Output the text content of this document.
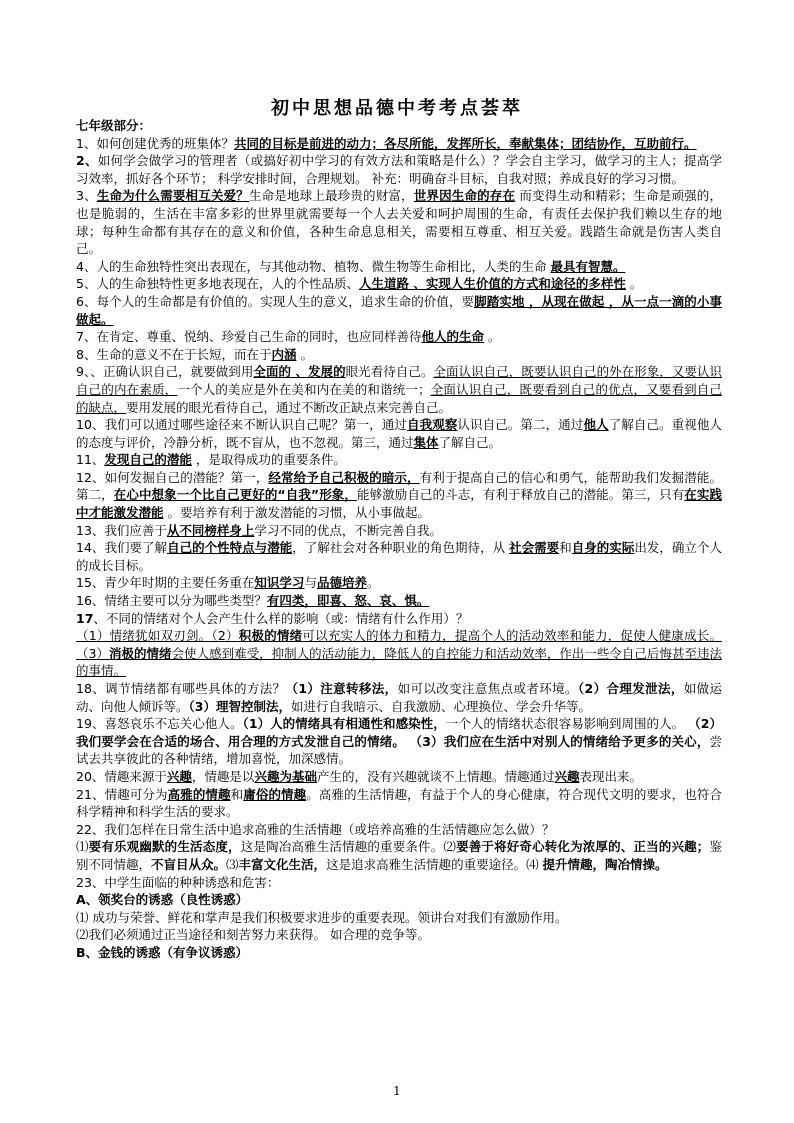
初中思想品德中考考点荟萃

七年级部分：

1、如何创建优秀的班集体？共同的目标是前进的动力；各尽所能，发挥所长，奉献集体；团结协作，互助前行。

2、如何学会做学习的管理者（或搞好初中学习的有效方法和策略是什么）？学会自主学习，做学习的主人；提高学习效率，抓好各个环节； 科学安排时间，合理规划。 补充：明确奋斗目标，自我对照；养成良好的学习习惯。

3、生命为什么需要相互关爱？生命是地球上最珍贵的财富，世界因生命的存在 而变得生动和精彩；生命是顽强的，也是脆弱的，生活在丰富多彩的世界里就需要每一个人去关爱和呵护周围的生命，有责任去保护我们赖以生存的地球；每种生命都有其存在的意义和价值，各种生命息息相关，需要相互尊重、相互关爱。践踏生命就是伤害人类自己。

4、人的生命独特性突出表现在，与其他动物、植物、微生物等生命相比，人类的生命 最具有智慧。

5、人的生命独特性更多地表现在，人的个性品质、人生道路 、实现人生价值的方式和途径的多样性 。

6、每个人的生命都是有价值的。实现人生的意义，追求生命的价值，要脚踏实地 ，从现在做起 ，从一点一滴的小事做起。

7、在肯定、尊重、悦纳、珍爱自己生命的同时，也应同样善待他人的生命 。

8、生命的意义不在于长短，而在于内涵 。

9、、正确认识自己，就要做到用全面的 、发展的眼光看待自己。全面认识自己，既要认识自己的外在形象，又要认识自己的内在素质，一个人的美应是外在美和内在美的和谐统一；全面认识自己，既要看到自己的优点，又要看到自己的缺点，要用发展的眼光看待自己，通过不断改正缺点来完善自己。

10、我们可以通过哪些途径来不断认识自己呢？第一，通过自我观察认识自己。第二，通过他人了解自己。重视他人的态度与评价，冷静分析，既不盲从，也不忽视。第三，通过集体了解自己。

11、发现自己的潜能 ，是取得成功的重要条件。

12、如何发掘自己的潜能？第一，经常给予自己积极的暗示，有利于提高自己的信心和勇气，能帮助我们发掘潜能。第二，在心中想象一个比自己更好的“自我”形象，能够激励自己的斗志，有利于释放自己的潜能。第三，只有在实践中才能激发潜能 。要培养有利于激发潜能的习惯，从小事做起。

13、我们应善于从不同榜样身上学习不同的优点，不断完善自我。

14、我们要了解自己的个性特点与潜能，了解社会对各种职业的角色期待，从 社会需要和自身的实际出发，确立个人的成长目标。

15、青少年时期的主要任务重在知识学习与品德培养。

16、情绪主要可以分为哪些类型？有四类，即喜、怒、哀、惧。

17、不同的情绪对个人会产生什么样的影响（或：情绪有什么作用）？

（1）情绪犹如双刃剑。（2）积极的情绪可以充实人的体力和精力，提高个人的活动效率和能力，促使人健康成长。（3）消极的情绪会使人感到难受，抑制人的活动能力，降低人的自控能力和活动效率，作出一些令自己后悔甚至违法的事情。

18、调节情绪都有哪些具体的方法？（1）注意转移法，如可以改变注意焦点或者环境。（2）合理发泄法，如做运动、向他人倾诉等。（3）理智控制法，如进行自我暗示、自我激励、心理换位、学会升华等。

19、喜怒哀乐不忘关心他人。（1）人的情绪具有相通性和感染性，一个人的情绪状态很容易影响到周围的人。 （2）我们要学会在合适的场合、用合理的方式发泄自己的情绪。 （3）我们应在生活中对别人的情绪给予更多的关心，尝试去共享彼此的各种情绪，增加喜悦，加深感情。

20、情趣来源于兴趣，情趣是以兴趣为基础产生的，没有兴趣就谈不上情趣。情趣通过兴趣表现出来。

21、情趣可分为高雅的情趣和庸俗的情趣。高雅的生活情趣，有益于个人的身心健康，符合现代文明的要求，也符合科学精神和科学生活的要求。

22、我们怎样在日常生活中追求高雅的生活情趣（或培养高雅的生活情趣应怎么做）？

⑴要有乐观幽默的生活态度，这是陶冶高雅生活情趣的重要条件。⑵要善于将好奇心转化为浓厚的、正当的兴趣；鉴别不同情趣，不盲目从众。⑶丰富文化生活，这是追求高雅生活情趣的重要途径。⑷ 提升情趣，陶冶情操。

23、中学生面临的种种诱惑和危害：

A、领奖台的诱惑（良性诱惑）

⑴ 成功与荣誉、鲜花和掌声是我们积极要求进步的重要表现。领讲台对我们有激励作用。

⑵我们必须通过正当途径和刻苦努力来获得。 如合理的竞争等。

B、金钱的诱惑（有争议诱惑）

1
